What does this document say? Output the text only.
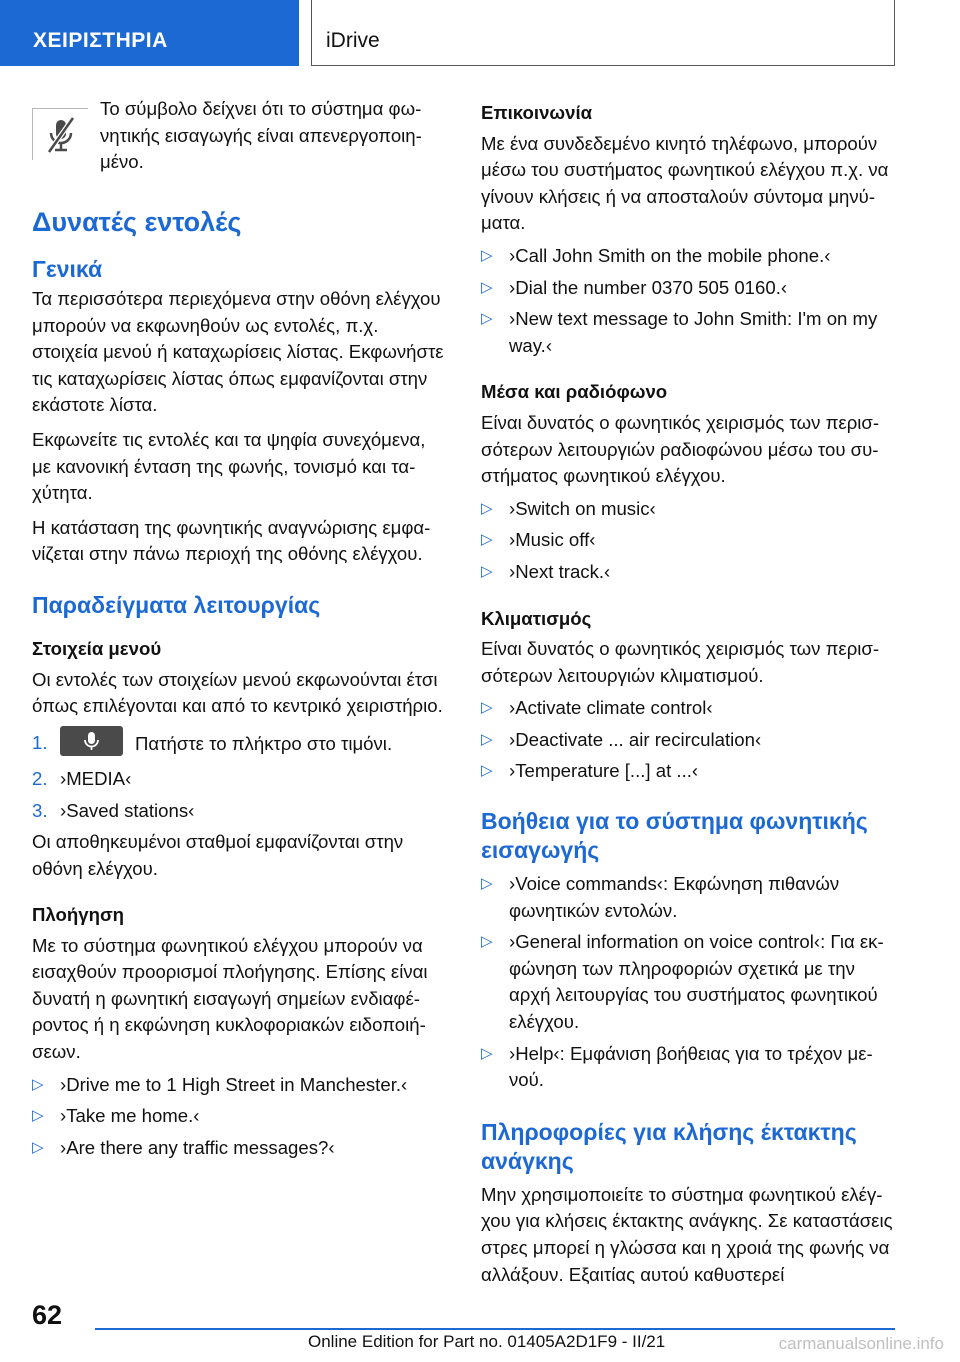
ΧΕΙΡΙΣΤΗΡΙΑ	iDrive

Το σύμβολο δείχνει ότι το σύστημα φωνητικής εισαγωγής είναι απενεργοποιημένο.

Δυνατές εντολές
Γενικά

Τα περισσότερα περιεχόμενα στην οθόνη ελέγχου μπορούν να εκφωνηθούν ως εντολές, π.χ. στοιχεία μενού ή καταχωρίσεις λίστας. Εκφωνήστε τις καταχωρίσεις λίστας όπως εμφανίζονται στην εκάστοτε λίστα.

Εκφωνείτε τις εντολές και τα ψηφία συνεχόμενα, με κανονική ένταση της φωνής, τονισμό και ταχύτητα.

Η κατάσταση της φωνητικής αναγνώρισης εμφανίζεται στην πάνω περιοχή της οθόνης ελέγχου.

Παραδείγματα λειτουργίας
Στοιχεία μενού

Οι εντολές των στοιχείων μενού εκφωνούνται έτσι όπως επιλέγονται και από το κεντρικό χειριστήριο.

1.	Πατήστε το πλήκτρο στο τιμόνι.
2. ›MEDIA‹
3. ›Saved stations‹

Οι αποθηκευμένοι σταθμοί εμφανίζονται στην οθόνη ελέγχου.

Πλοήγηση

Με το σύστημα φωνητικού ελέγχου μπορούν να εισαχθούν προορισμοί πλοήγησης. Επίσης είναι δυνατή η φωνητική εισαγωγή σημείων ενδιαφέροντος ή η εκφώνηση κυκλοφοριακών ειδοποιήσεων.

▷ ›Drive me to 1 High Street in Manchester.‹
▷ ›Take me home.‹
▷ ›Are there any traffic messages?‹
Επικοινωνία

Με ένα συνδεδεμένο κινητό τηλέφωνο, μπορούν μέσω του συστήματος φωνητικού ελέγχου π.χ. να γίνουν κλήσεις ή να αποσταλούν σύντομα μηνύματα.

▷ ›Call John Smith on the mobile phone.‹
▷ ›Dial the number 0370 505 0160.‹
▷ ›New text message to John Smith: I'm on my way.‹
Μέσα και ραδιόφωνο

Είναι δυνατός ο φωνητικός χειρισμός των περισσότερων λειτουργιών ραδιοφώνου μέσω του συστήματος φωνητικού ελέγχου.

▷ ›Switch on music‹
▷ ›Music off‹
▷ ›Next track.‹
Κλιματισμός

Είναι δυνατός ο φωνητικός χειρισμός των περισσότερων λειτουργιών κλιματισμού.

▷ ›Activate climate control‹
▷ ›Deactivate ... air recirculation‹
▷ ›Temperature [...] at ...‹
Βοήθεια για το σύστημα φωνητικής εισαγωγής
▷ ›Voice commands‹: Εκφώνηση πιθανών φωνητικών εντολών.
▷ ›General information on voice control‹: Για εκφώνηση των πληροφοριών σχετικά με την αρχή λειτουργίας του συστήματος φωνητικού ελέγχου.
▷ ›Help‹: Εμφάνιση βοήθειας για το τρέχον μενού.
Πληροφορίες για κλήσης έκτακτης ανάγκης

Μην χρησιμοποιείτε το σύστημα φωνητικού ελέγχου για κλήσεις έκτακτης ανάγκης. Σε καταστάσεις στρες μπορεί η γλώσσα και η χροιά της φωνής να αλλάξουν. Εξαιτίας αυτού καθυστερεί

62
Online Edition for Part no. 01405A2D1F9 - II/21	carmanualsonline.info
